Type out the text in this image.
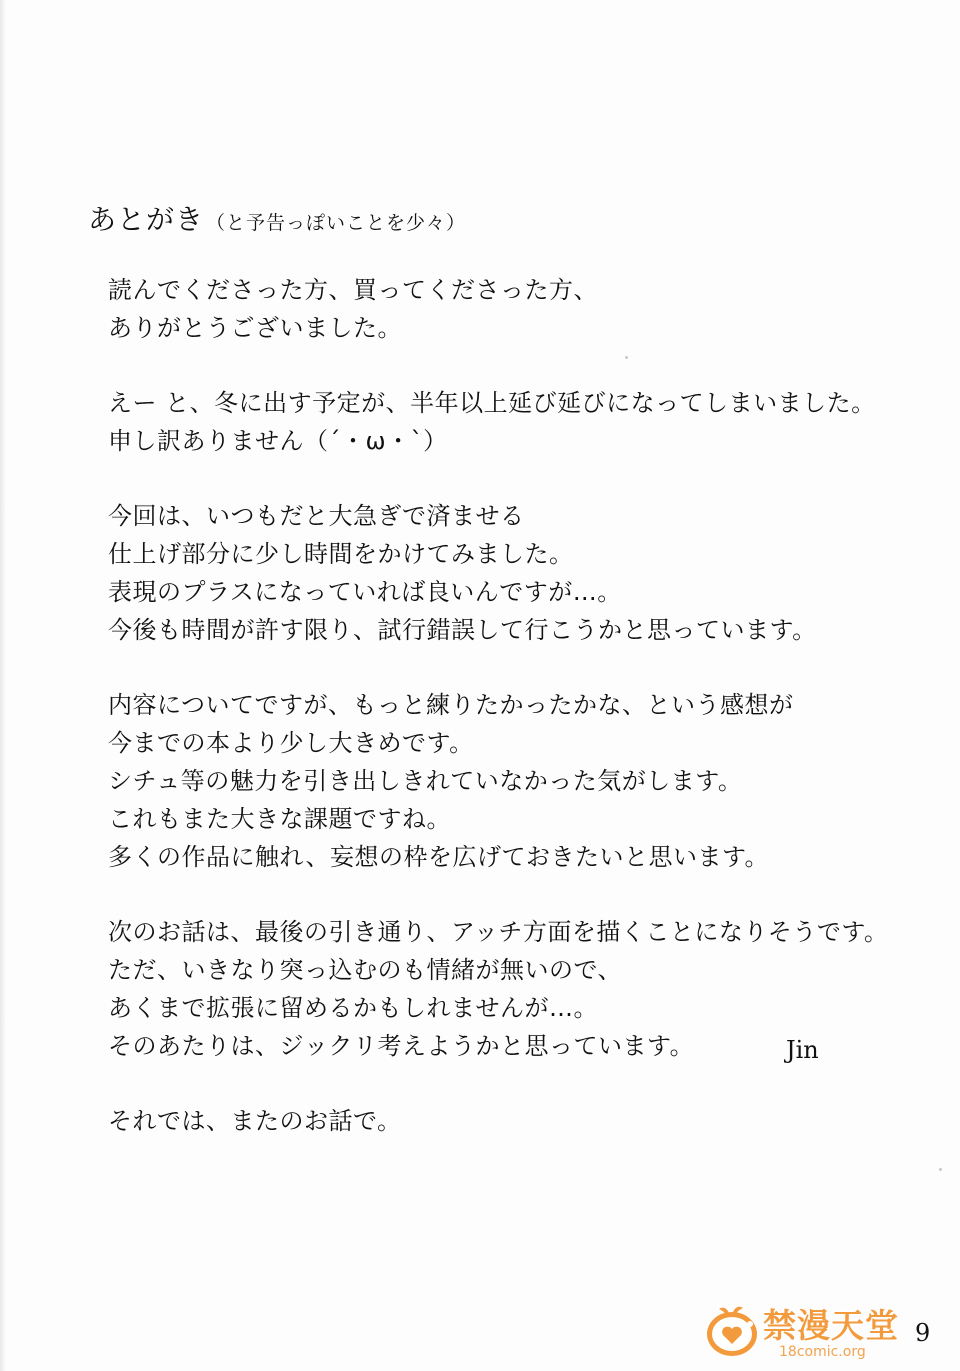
あとがき （と予告っぽいことを少々）
読んでくださった方、買ってくださった方、
ありがとうございました。
えー と、冬に出す予定が、半年以上延び延びになってしまいました。
申し訳ありません（´・ω・`）
今回は、いつもだと大急ぎで済ませる
仕上げ部分に少し時間をかけてみました。
表現のプラスになっていれば良いんですが…。
今後も時間が許す限り、試行錯誤して行こうかと思っています。
内容についてですが、もっと練りたかったかな、という感想が
今までの本より少し大きめです。
シチュ等の魅力を引き出しきれていなかった気がします。
これもまた大きな課題ですね。
多くの作品に触れ、妄想の枠を広げておきたいと思います。
次のお話は、最後の引き通り、アッチ方面を描くことになりそうです。
ただ、いきなり突っ込むのも情緒が無いので、
あくまで拡張に留めるかもしれませんが…。
そのあたりは、ジックリ考えようかと思っています。
それでは、またのお話で。
Jin
禁漫天堂
18comic.org
9
